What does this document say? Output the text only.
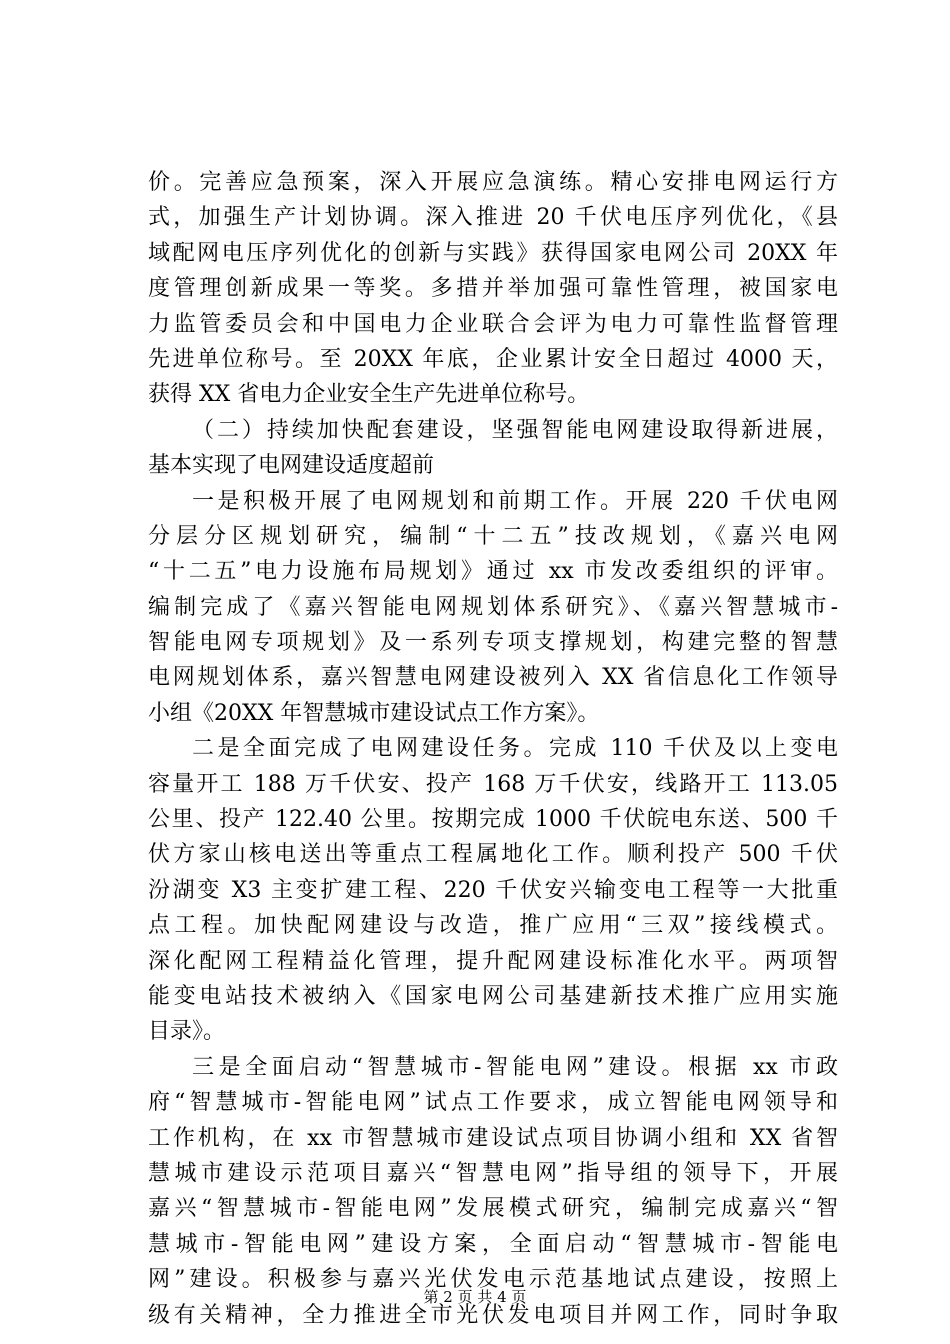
价。完善应急预案，深入开展应急演练。精心安排电网运行方
式，加强生产计划协调。深入推进 20 千伏电压序列优化，《县
域配网电压序列优化的创新与实践》获得国家电网公司 20XX 年
度管理创新成果一等奖。多措并举加强可靠性管理，被国家电
力监管委员会和中国电力企业联合会评为电力可靠性监督管理
先进单位称号。至 20XX 年底，企业累计安全日超过 4000 天，
获得 XX 省电力企业安全生产先进单位称号。
（二）持续加快配套建设，坚强智能电网建设取得新进展，
基本实现了电网建设适度超前
一是积极开展了电网规划和前期工作。开展 220 千伏电网
分层分区规划研究，编制“十二五”技改规划，《嘉兴电网
“十二五”电力设施布局规划》通过 xx 市发改委组织的评审。
编制完成了《嘉兴智能电网规划体系研究》、《嘉兴智慧城市-
智能电网专项规划》及一系列专项支撑规划，构建完整的智慧
电网规划体系，嘉兴智慧电网建设被列入 XX 省信息化工作领导
小组《20XX 年智慧城市建设试点工作方案》。
二是全面完成了电网建设任务。完成 110 千伏及以上变电
容量开工 188 万千伏安、投产 168 万千伏安，线路开工 113.05
公里、投产 122.40 公里。按期完成 1000 千伏皖电东送、500 千
伏方家山核电送出等重点工程属地化工作。顺利投产 500 千伏
汾湖变 X3 主变扩建工程、220 千伏安兴输变电工程等一大批重
点工程。加快配网建设与改造，推广应用“三双”接线模式。
深化配网工程精益化管理，提升配网建设标准化水平。两项智
能变电站技术被纳入《国家电网公司基建新技术推广应用实施
目录》。
三是全面启动“智慧城市-智能电网”建设。根据 xx 市政
府“智慧城市-智能电网”试点工作要求，成立智能电网领导和
工作机构，在 xx 市智慧城市建设试点项目协调小组和 XX 省智
慧城市建设示范项目嘉兴“智慧电网”指导组的领导下，开展
嘉兴“智慧城市-智能电网”发展模式研究，编制完成嘉兴“智
慧城市-智能电网”建设方案，全面启动“智慧城市-智能电
网”建设。积极参与嘉兴光伏发电示范基地试点建设，按照上
级有关精神，全力推进全市光伏发电项目并网工作，同时争取
第 2 页 共 4 页
